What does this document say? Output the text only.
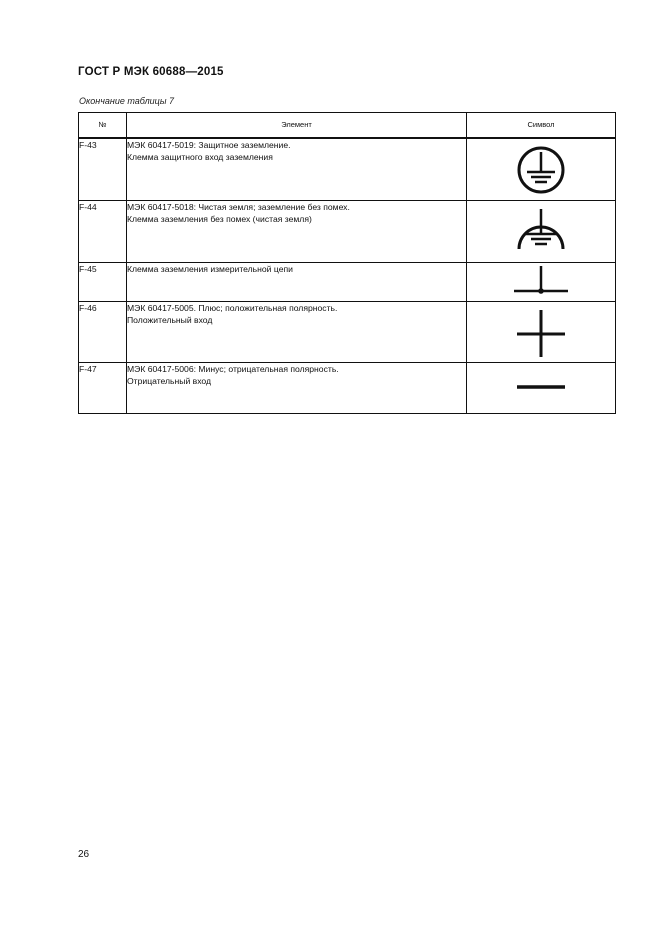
ГОСТ Р МЭК 60688—2015
Окончание таблицы 7
№	Элемент	Символ
F-43	МЭК 60417-5019: Защитное заземление.
Клемма защитного вход заземления

F-44	МЭК 60417-5018: Чистая земля; заземление без помех.
Клемма заземления без помех (чистая земля)

F-45	Клемма заземления измерительной цепи

F-46	МЭК 60417-5005. Плюс; положительная полярность.
Положительный вход

F-47	МЭК 60417-5006: Минус; отрицательная полярность.
Отрицательный вход

26
